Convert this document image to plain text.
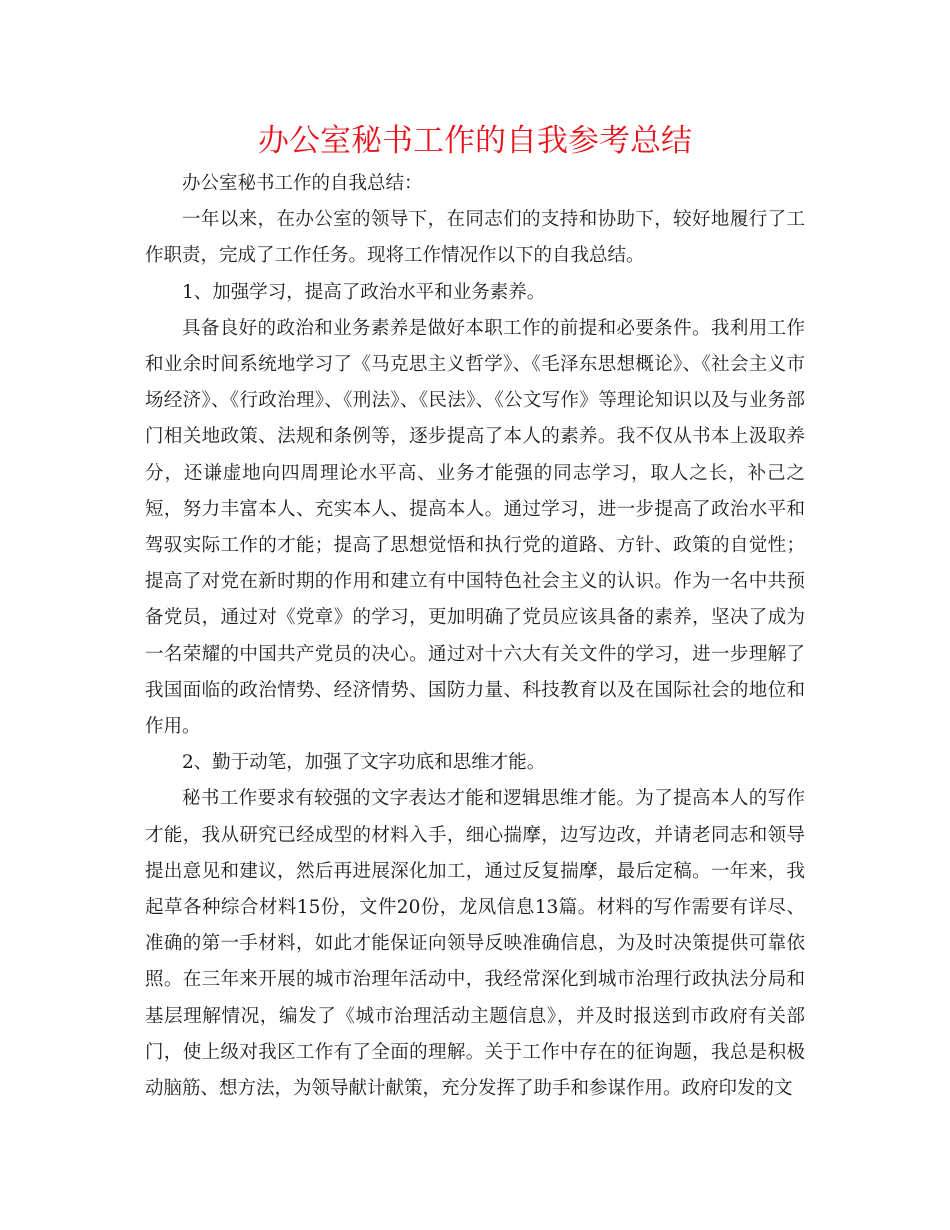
办公室秘书工作的自我参考总结

办公室秘书工作的自我总结：

一年以来，在办公室的领导下，在同志们的支持和协助下，较好地履行了工作职责，完成了工作任务。现将工作情况作以下的自我总结。

1、加强学习，提高了政治水平和业务素养。

具备良好的政治和业务素养是做好本职工作的前提和必要条件。我利用工作和业余时间系统地学习了《马克思主义哲学》、《毛泽东思想概论》、《社会主义市场经济》、《行政治理》、《刑法》、《民法》、《公文写作》等理论知识以及与业务部门相关地政策、法规和条例等，逐步提高了本人的素养。我不仅从书本上汲取养分，还谦虚地向四周理论水平高、业务才能强的同志学习，取人之长，补己之短，努力丰富本人、充实本人、提高本人。通过学习，进一步提高了政治水平和驾驭实际工作的才能；提高了思想觉悟和执行党的道路、方针、政策的自觉性；提高了对党在新时期的作用和建立有中国特色社会主义的认识。作为一名中共预备党员，通过对《党章》的学习，更加明确了党员应该具备的素养，坚决了成为一名荣耀的中国共产党员的决心。通过对十六大有关文件的学习，进一步理解了我国面临的政治情势、经济情势、国防力量、科技教育以及在国际社会的地位和作用。

2、勤于动笔，加强了文字功底和思维才能。

秘书工作要求有较强的文字表达才能和逻辑思维才能。为了提高本人的写作才能，我从研究已经成型的材料入手，细心揣摩，边写边改，并请老同志和领导提出意见和建议，然后再进展深化加工，通过反复揣摩，最后定稿。一年来，我起草各种综合材料15份，文件20份，龙凤信息13篇。材料的写作需要有详尽、准确的第一手材料，如此才能保证向领导反映准确信息，为及时决策提供可靠依照。在三年来开展的城市治理年活动中，我经常深化到城市治理行政执法分局和基层理解情况，编发了《城市治理活动主题信息》，并及时报送到市政府有关部门，使上级对我区工作有了全面的理解。关于工作中存在的征询题，我总是积极动脑筋、想方法，为领导献计献策，充分发挥了助手和参谋作用。政府印发的文
